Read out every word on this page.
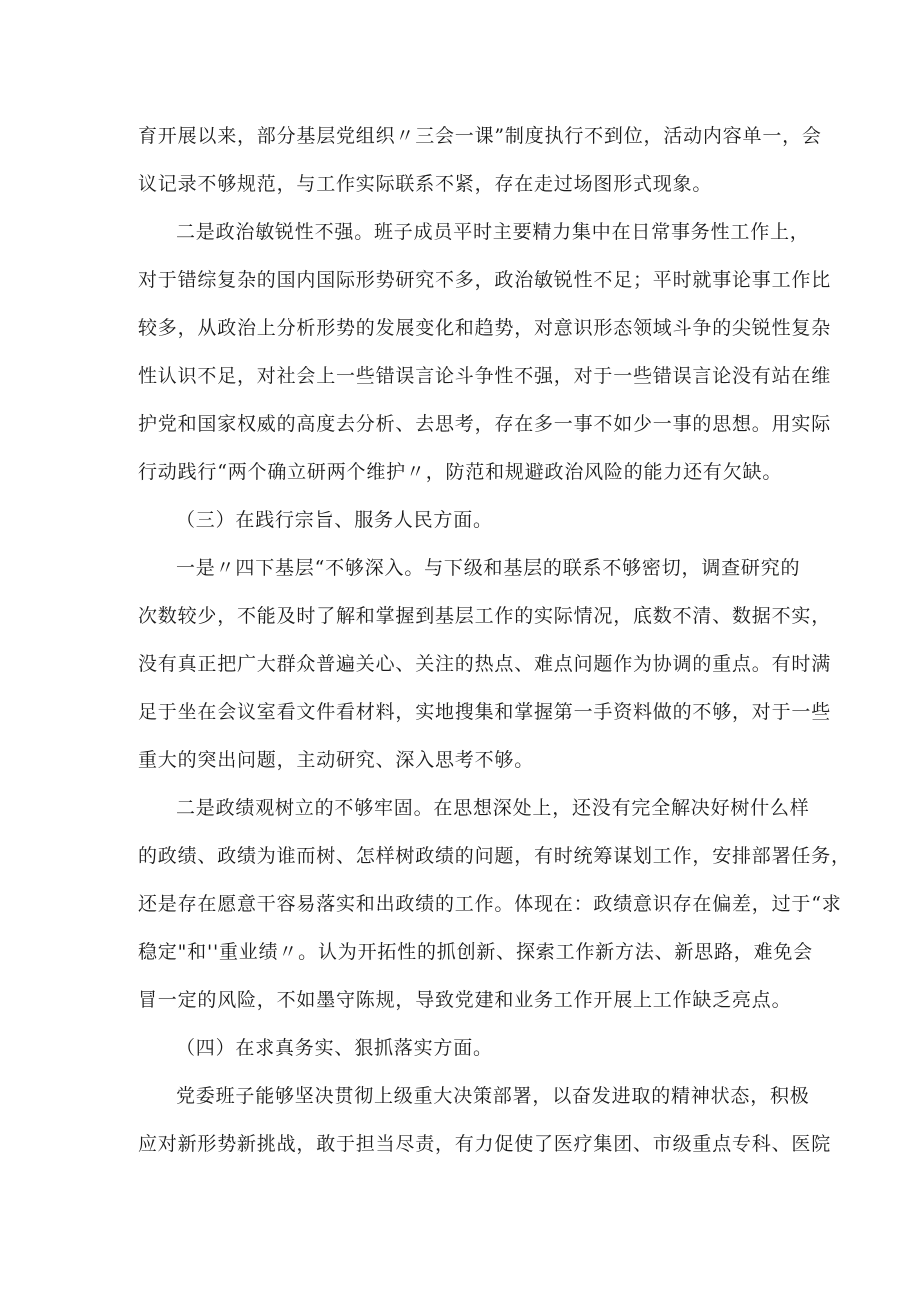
育开展以来，部分基层党组织〃三会一课”制度执行不到位，活动内容单一，会
议记录不够规范，与工作实际联系不紧，存在走过场图形式现象。
二是政治敏锐性不强。班子成员平时主要精力集中在日常事务性工作上，
对于错综复杂的国内国际形势研究不多，政治敏锐性不足；平时就事论事工作比
较多，从政治上分析形势的发展变化和趋势，对意识形态领域斗争的尖锐性复杂
性认识不足，对社会上一些错误言论斗争性不强，对于一些错误言论没有站在维
护党和国家权威的高度去分析、去思考，存在多一事不如少一事的思想。用实际
行动践行“两个确立研两个维护〃，防范和规避政治风险的能力还有欠缺。
（三）在践行宗旨、服务人民方面。
一是〃四下基层“不够深入。与下级和基层的联系不够密切，调查研究的
次数较少，不能及时了解和掌握到基层工作的实际情况，底数不清、数据不实，
没有真正把广大群众普遍关心、关注的热点、难点问题作为协调的重点。有时满
足于坐在会议室看文件看材料，实地搜集和掌握第一手资料做的不够，对于一些
重大的突出问题，主动研究、深入思考不够。
二是政绩观树立的不够牢固。在思想深处上，还没有完全解决好树什么样
的政绩、政绩为谁而树、怎样树政绩的问题，有时统筹谋划工作，安排部署任务，
还是存在愿意干容易落实和出政绩的工作。体现在：政绩意识存在偏差，过于“求
稳定"和''重业绩〃。认为开拓性的抓创新、探索工作新方法、新思路，难免会
冒一定的风险，不如墨守陈规，导致党建和业务工作开展上工作缺乏亮点。
（四）在求真务实、狠抓落实方面。
党委班子能够坚决贯彻上级重大决策部署，以奋发进取的精神状态，积极
应对新形势新挑战，敢于担当尽责，有力促使了医疗集团、市级重点专科、医院
